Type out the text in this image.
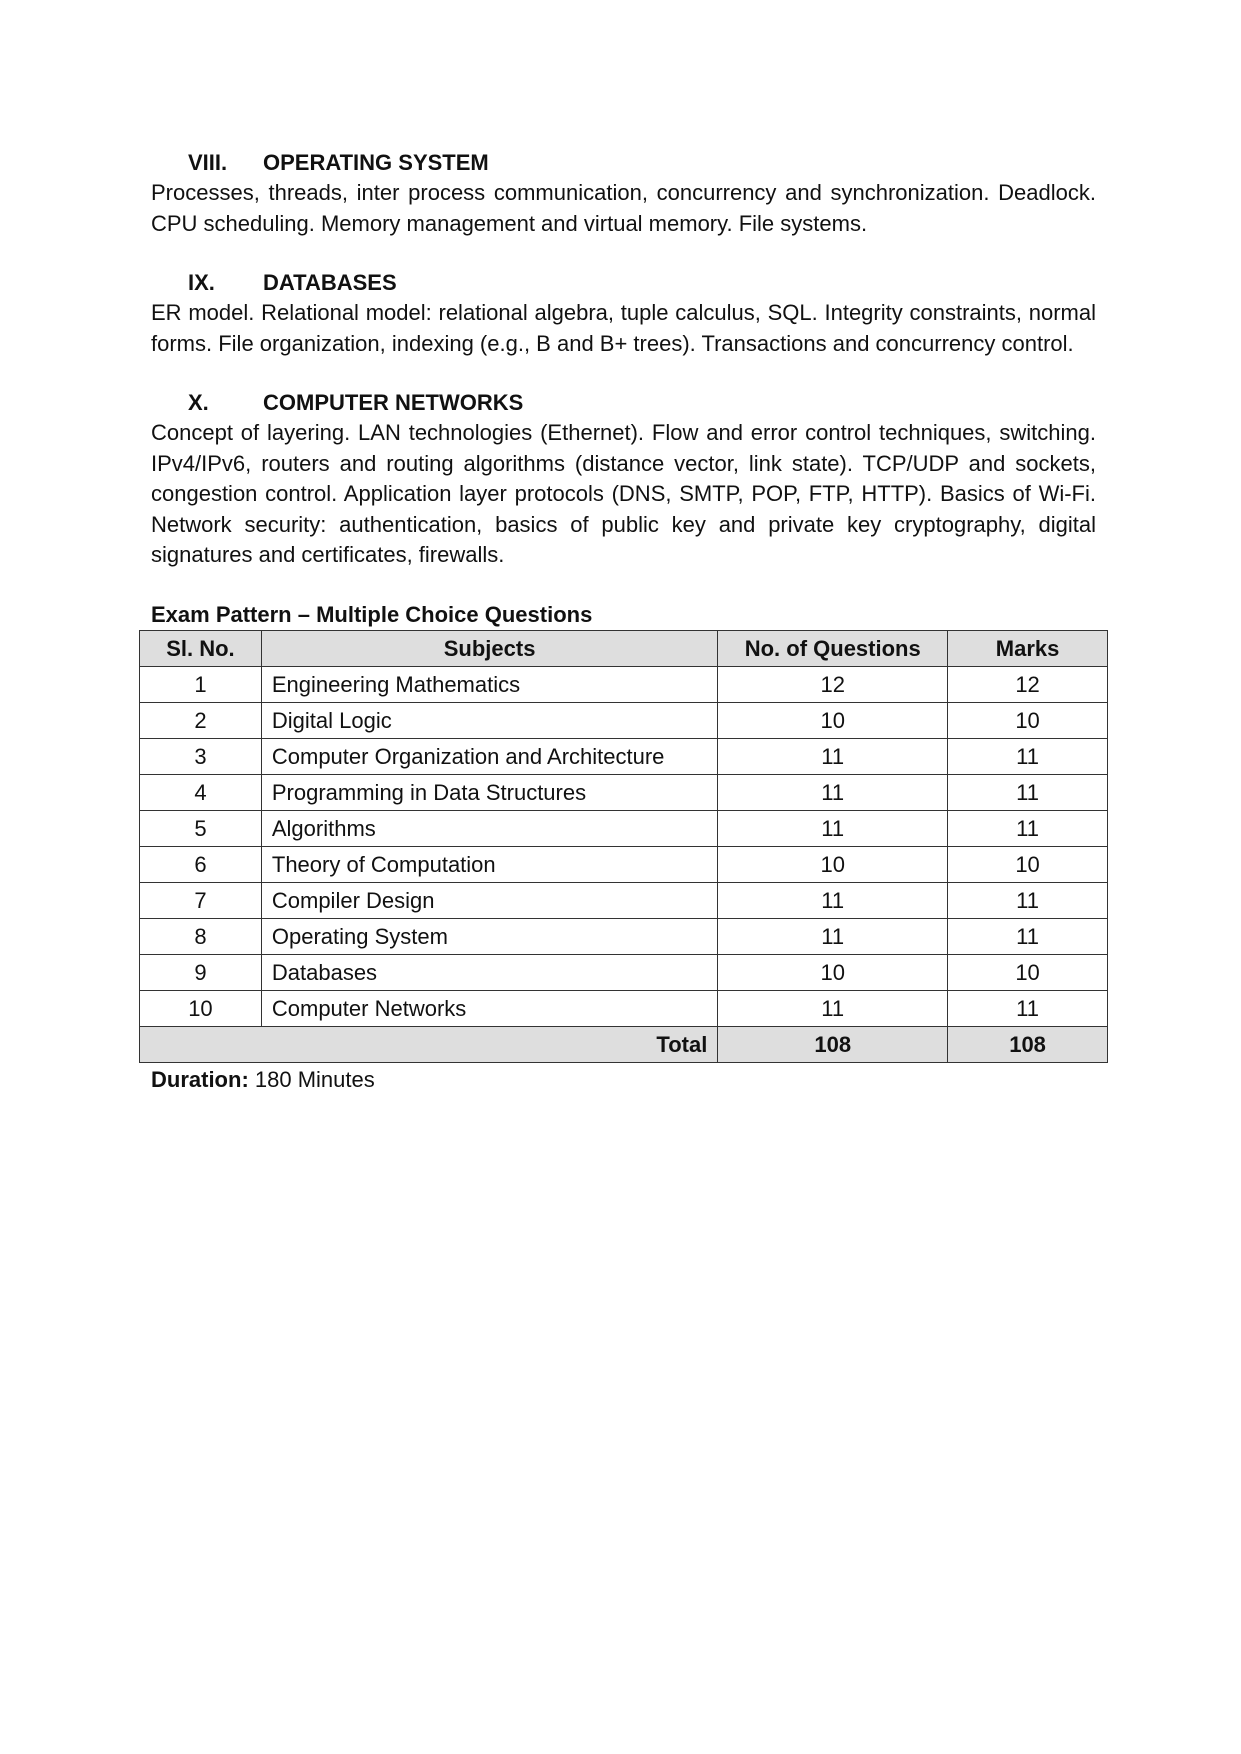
VIII.	OPERATING SYSTEM

Processes, threads, inter process communication, concurrency and synchronization. Deadlock. CPU scheduling. Memory management and virtual memory. File systems.

IX.	DATABASES

ER model. Relational model: relational algebra, tuple calculus, SQL. Integrity constraints, normal forms. File organization, indexing (e.g., B and B+ trees). Transactions and concurrency control.

X.	COMPUTER NETWORKS

Concept of layering. LAN technologies (Ethernet). Flow and error control techniques, switching. IPv4/IPv6, routers and routing algorithms (distance vector, link state). TCP/UDP and sockets, congestion control. Application layer protocols (DNS, SMTP, POP, FTP, HTTP). Basics of Wi-Fi. Network security: authentication, basics of public key and private key cryptography, digital signatures and certificates, firewalls.

Exam Pattern – Multiple Choice Questions
Sl. No.	Subjects	No. of Questions	Marks
1	Engineering Mathematics	12	12
2	Digital Logic	10	10
3	Computer Organization and Architecture	11	11
4	Programming in Data Structures	11	11
5	Algorithms	11	11
6	Theory of Computation	10	10
7	Compiler Design	11	11
8	Operating System	11	11
9	Databases	10	10
10	Computer Networks	11	11
Total		108	108
Duration: 180 Minutes
